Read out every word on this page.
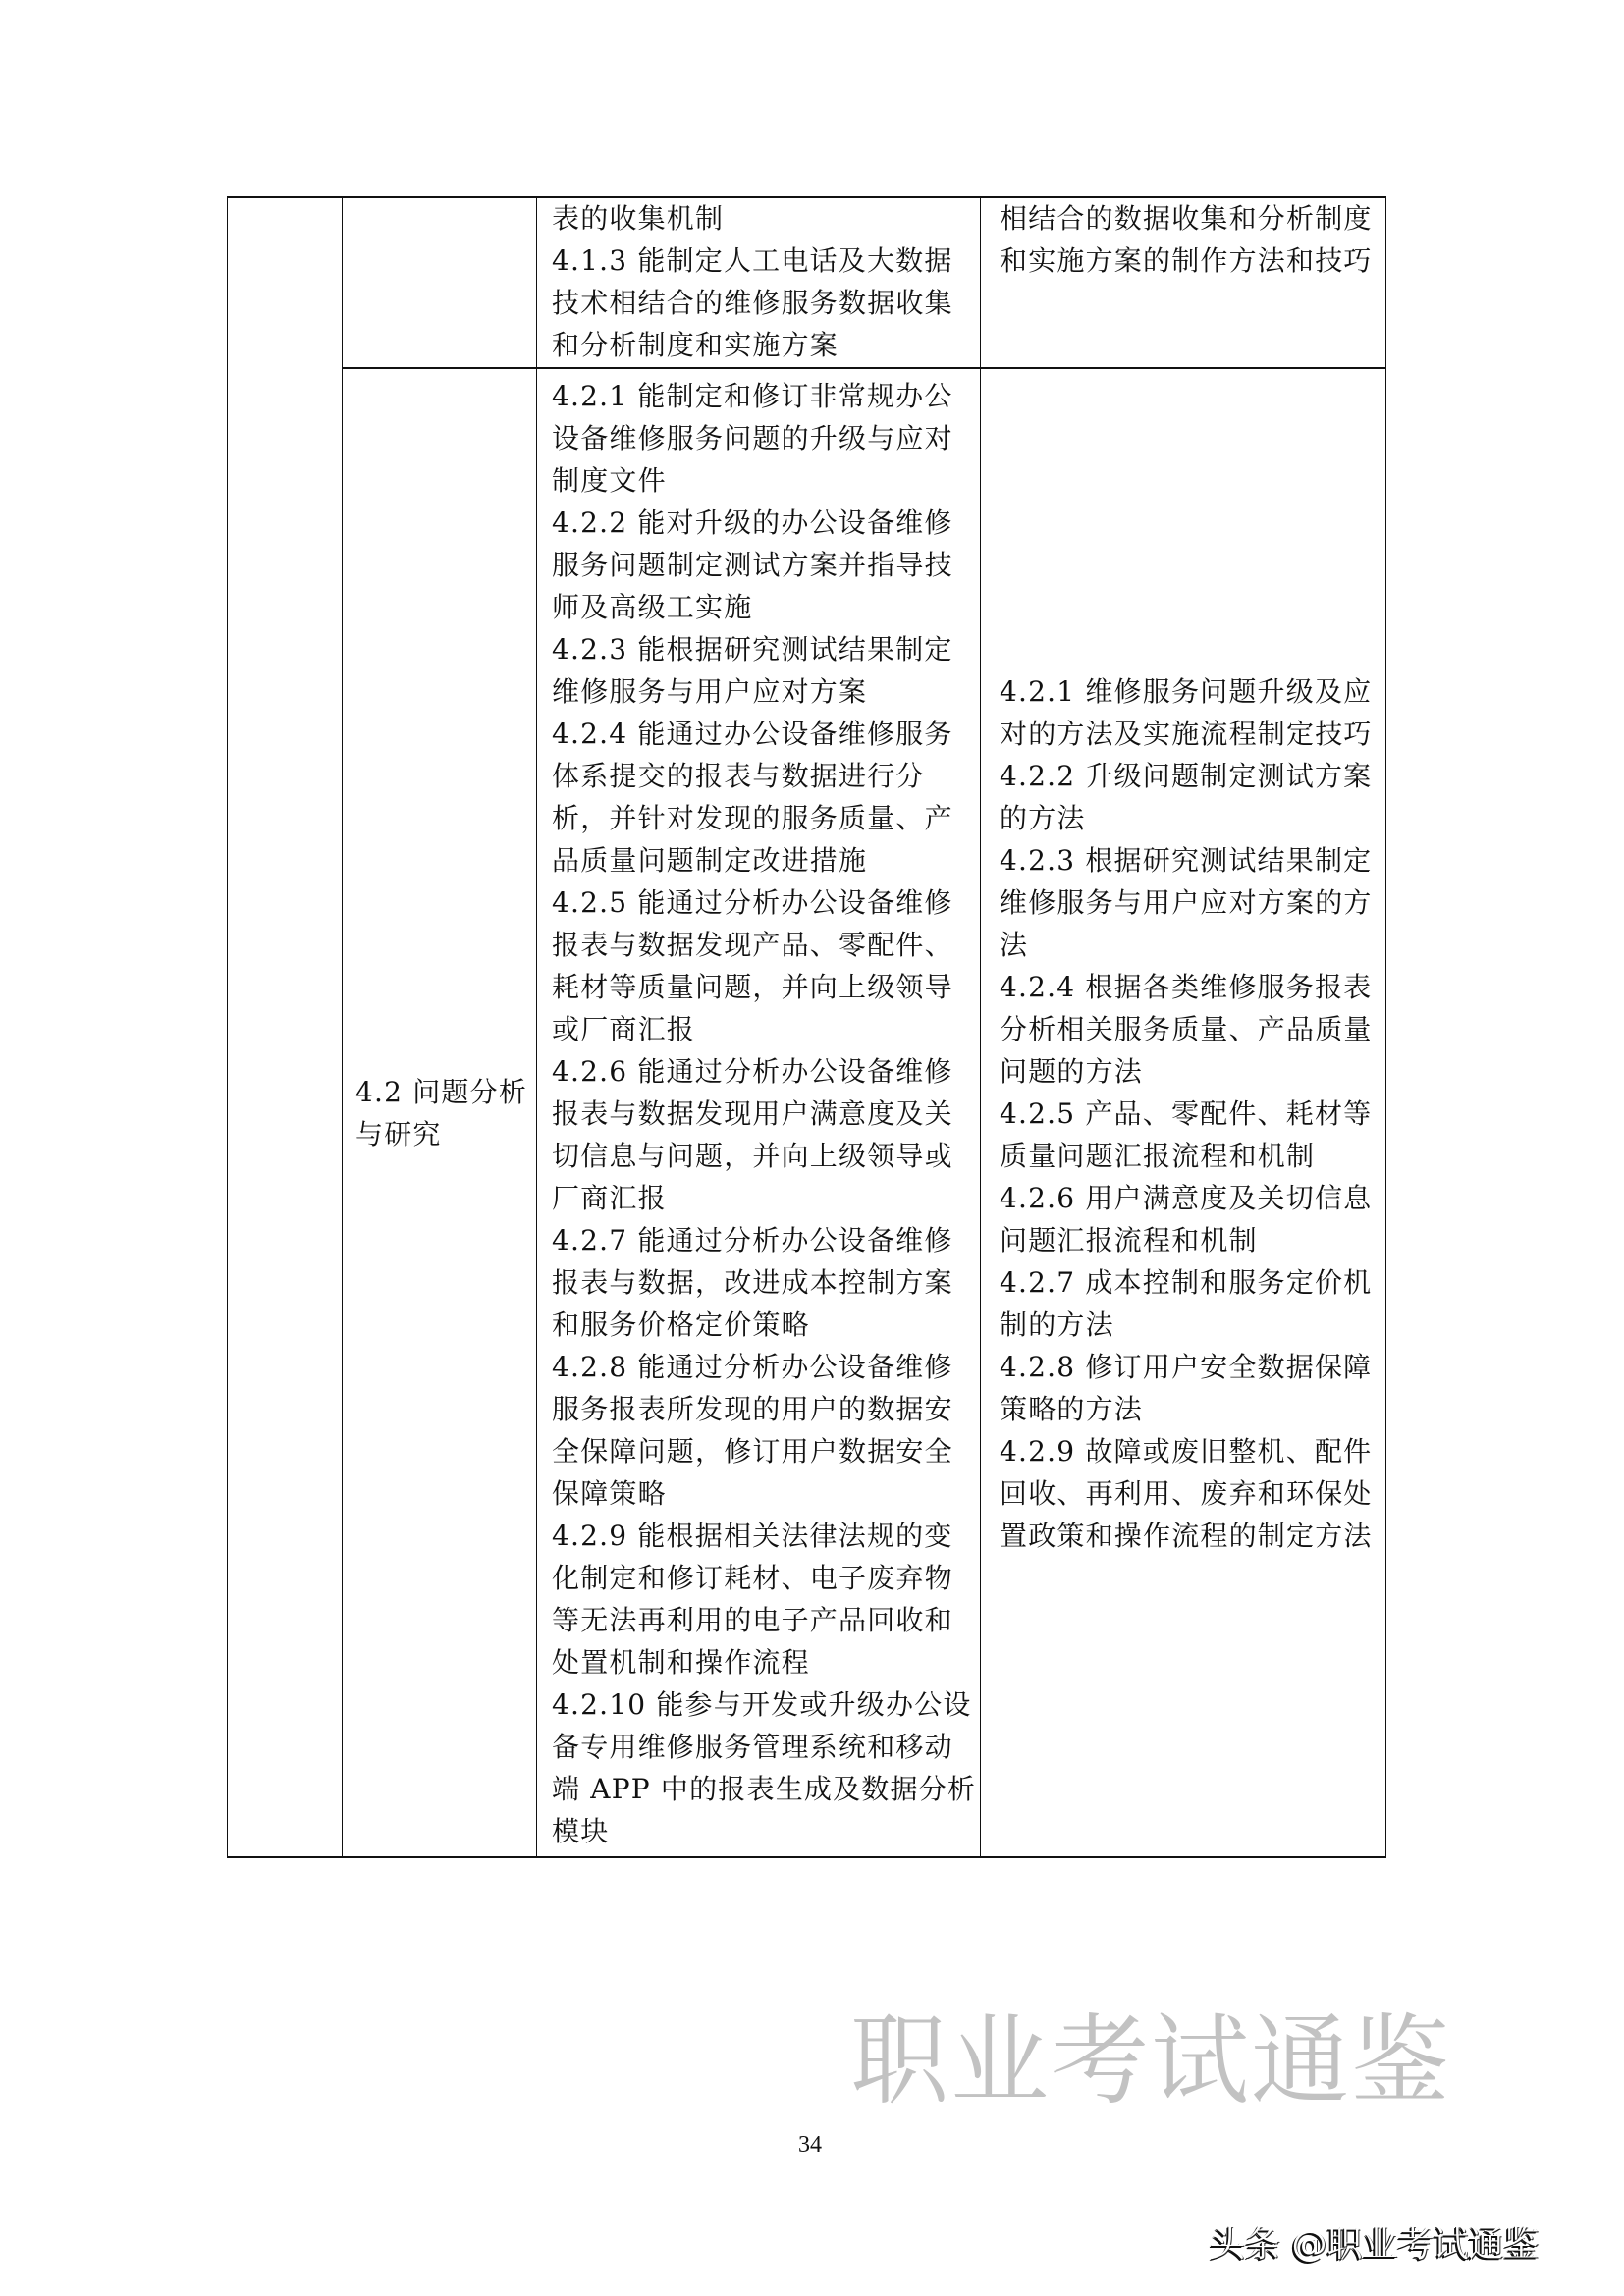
表的收集机制
4.1.3 能制定人工电话及大数据
技术相结合的维修服务数据收集
和分析制度和实施方案
相结合的数据收集和分析制度
和实施方案的制作方法和技巧
4.2 问题分析
与研究
4.2.1 能制定和修订非常规办公
设备维修服务问题的升级与应对
制度文件
4.2.2 能对升级的办公设备维修
服务问题制定测试方案并指导技
师及高级工实施
4.2.3 能根据研究测试结果制定
维修服务与用户应对方案
4.2.4 能通过办公设备维修服务
体系提交的报表与数据进行分
析，并针对发现的服务质量、产
品质量问题制定改进措施
4.2.5 能通过分析办公设备维修
报表与数据发现产品、零配件、
耗材等质量问题，并向上级领导
或厂商汇报
4.2.6 能通过分析办公设备维修
报表与数据发现用户满意度及关
切信息与问题，并向上级领导或
厂商汇报
4.2.7 能通过分析办公设备维修
报表与数据，改进成本控制方案
和服务价格定价策略
4.2.8 能通过分析办公设备维修
服务报表所发现的用户的数据安
全保障问题，修订用户数据安全
保障策略
4.2.9 能根据相关法律法规的变
化制定和修订耗材、电子废弃物
等无法再利用的电子产品回收和
处置机制和操作流程
4.2.10 能参与开发或升级办公设
备专用维修服务管理系统和移动
端 APP 中的报表生成及数据分析
模块
4.2.1 维修服务问题升级及应
对的方法及实施流程制定技巧
4.2.2 升级问题制定测试方案
的方法
4.2.3 根据研究测试结果制定
维修服务与用户应对方案的方
法
4.2.4 根据各类维修服务报表
分析相关服务质量、产品质量
问题的方法
4.2.5 产品、零配件、耗材等
质量问题汇报流程和机制
4.2.6 用户满意度及关切信息
问题汇报流程和机制
4.2.7 成本控制和服务定价机
制的方法
4.2.8 修订用户安全数据保障
策略的方法
4.2.9 故障或废旧整机、配件
回收、再利用、废弃和环保处
置政策和操作流程的制定方法
职业考试通鉴
34
头条 @职业考试通鉴
